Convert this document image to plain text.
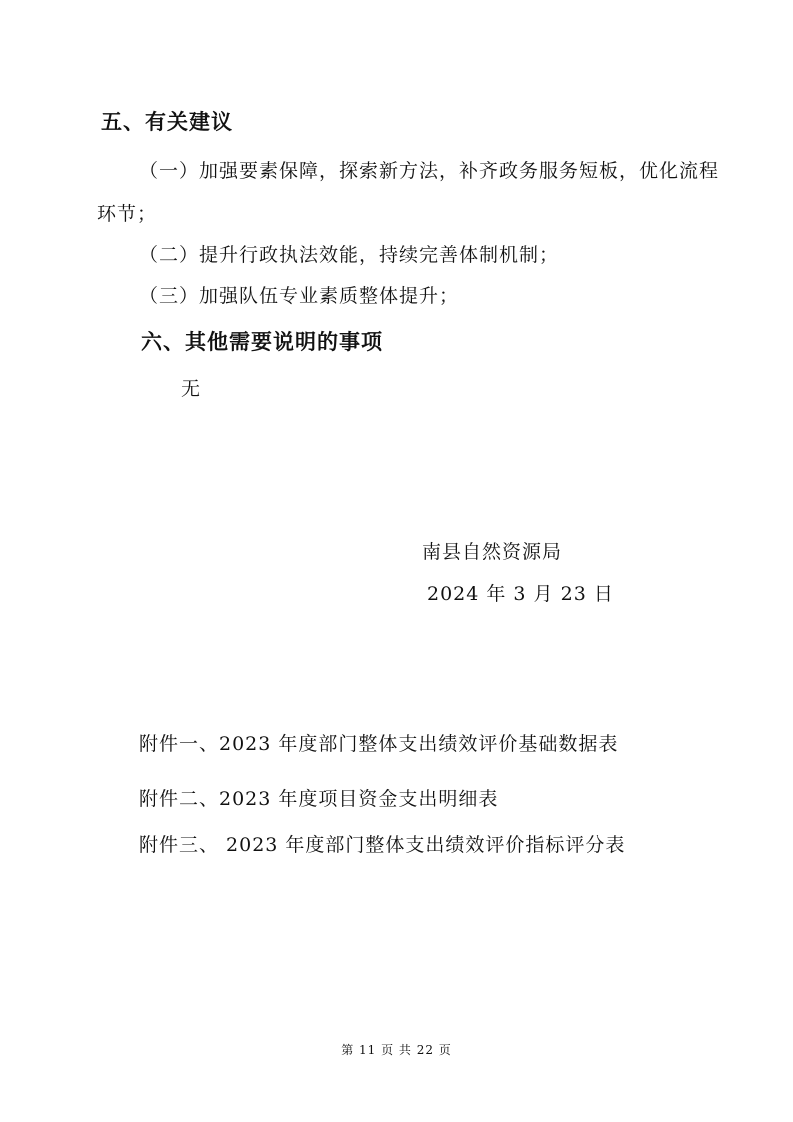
五、有关建议
（一）加强要素保障，探索新方法，补齐政务服务短板，优化流程
环节；
（二）提升行政执法效能，持续完善体制机制；
（三）加强队伍专业素质整体提升；
六、其他需要说明的事项
无
南县自然资源局
2024 年 3 月 23 日
附件一、2023 年度部门整体支出绩效评价基础数据表
附件二、2023 年度项目资金支出明细表
附件三、 2023 年度部门整体支出绩效评价指标评分表
第 11 页 共 22 页
